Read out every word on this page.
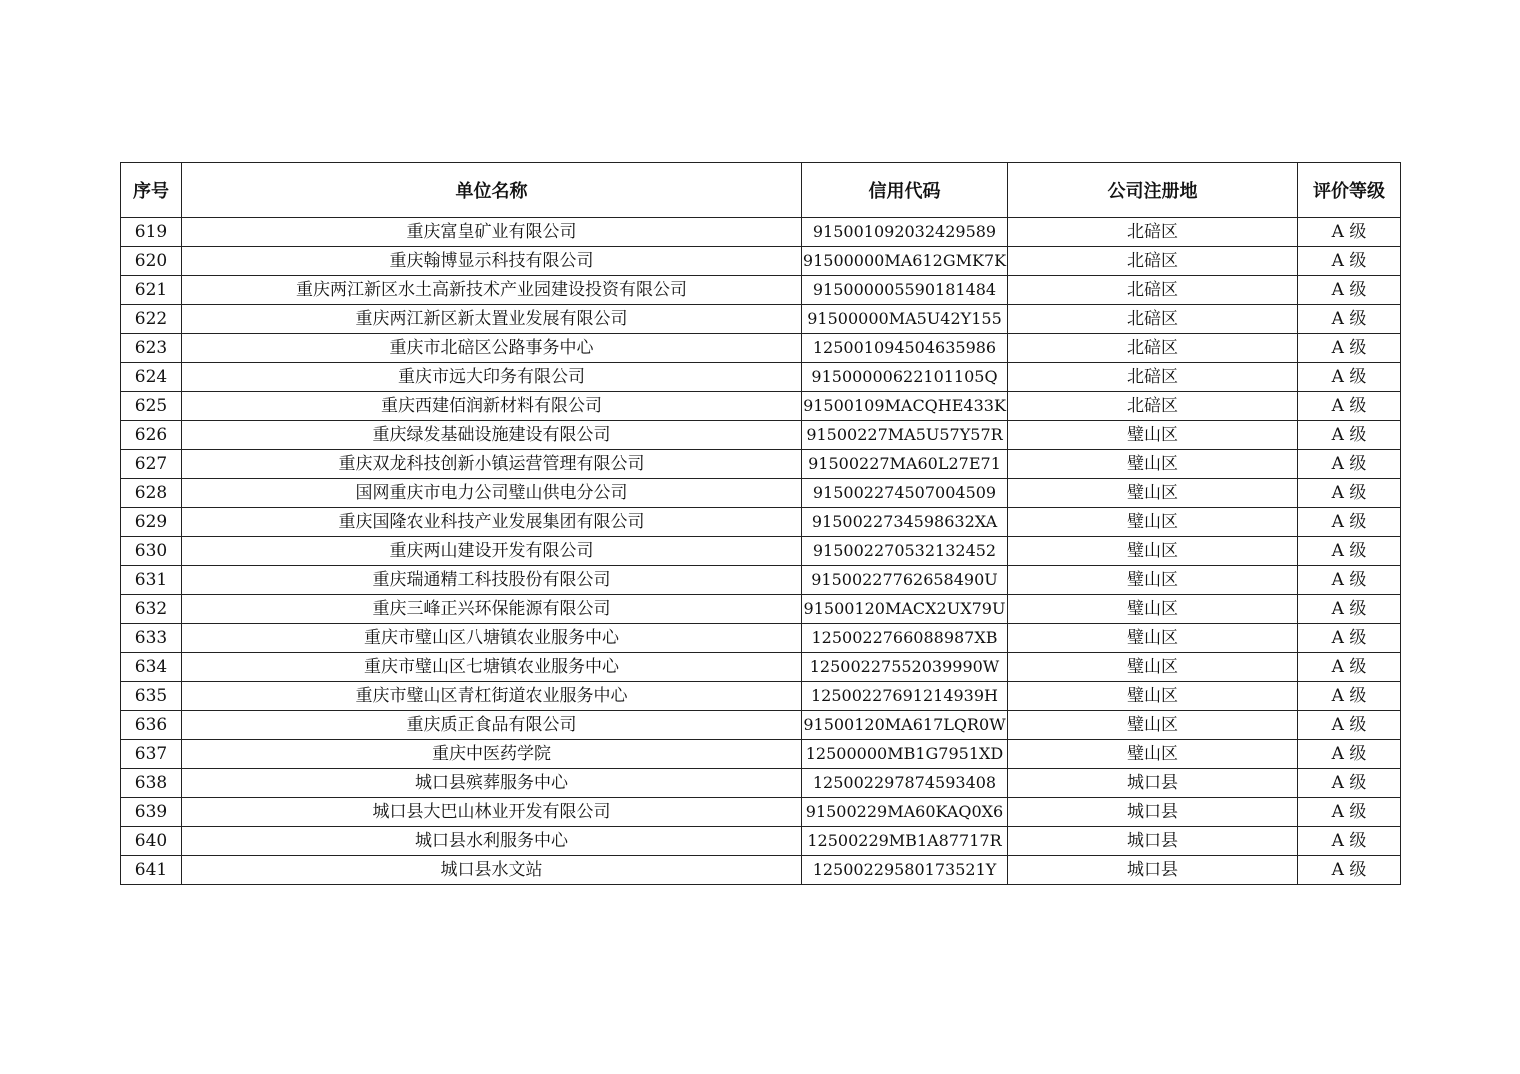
序号	单位名称	信用代码	公司注册地	评价等级
619	重庆富皇矿业有限公司	915001092032429589	北碚区	A 级
620	重庆翰博显示科技有限公司	91500000MA612GMK7K	北碚区	A 级
621	重庆两江新区水土高新技术产业园建设投资有限公司	915000005590181484	北碚区	A 级
622	重庆两江新区新太置业发展有限公司	91500000MA5U42Y155	北碚区	A 级
623	重庆市北碚区公路事务中心	125001094504635986	北碚区	A 级
624	重庆市远大印务有限公司	91500000622101105Q	北碚区	A 级
625	重庆西建佰润新材料有限公司	91500109MACQHE433K	北碚区	A 级
626	重庆绿发基础设施建设有限公司	91500227MA5U57Y57R	璧山区	A 级
627	重庆双龙科技创新小镇运营管理有限公司	91500227MA60L27E71	璧山区	A 级
628	国网重庆市电力公司璧山供电分公司	915002274507004509	璧山区	A 级
629	重庆国隆农业科技产业发展集团有限公司	9150022734598632XA	璧山区	A 级
630	重庆两山建设开发有限公司	915002270532132452	璧山区	A 级
631	重庆瑞通精工科技股份有限公司	91500227762658490U	璧山区	A 级
632	重庆三峰正兴环保能源有限公司	91500120MACX2UX79U	璧山区	A 级
633	重庆市璧山区八塘镇农业服务中心	1250022766088987XB	璧山区	A 级
634	重庆市璧山区七塘镇农业服务中心	12500227552039990W	璧山区	A 级
635	重庆市璧山区青杠街道农业服务中心	12500227691214939H	璧山区	A 级
636	重庆质正食品有限公司	91500120MA617LQR0W	璧山区	A 级
637	重庆中医药学院	12500000MB1G7951XD	璧山区	A 级
638	城口县殡葬服务中心	125002297874593408	城口县	A 级
639	城口县大巴山林业开发有限公司	91500229MA60KAQ0X6	城口县	A 级
640	城口县水利服务中心	12500229MB1A87717R	城口县	A 级
641	城口县水文站	12500229580173521Y	城口县	A 级
